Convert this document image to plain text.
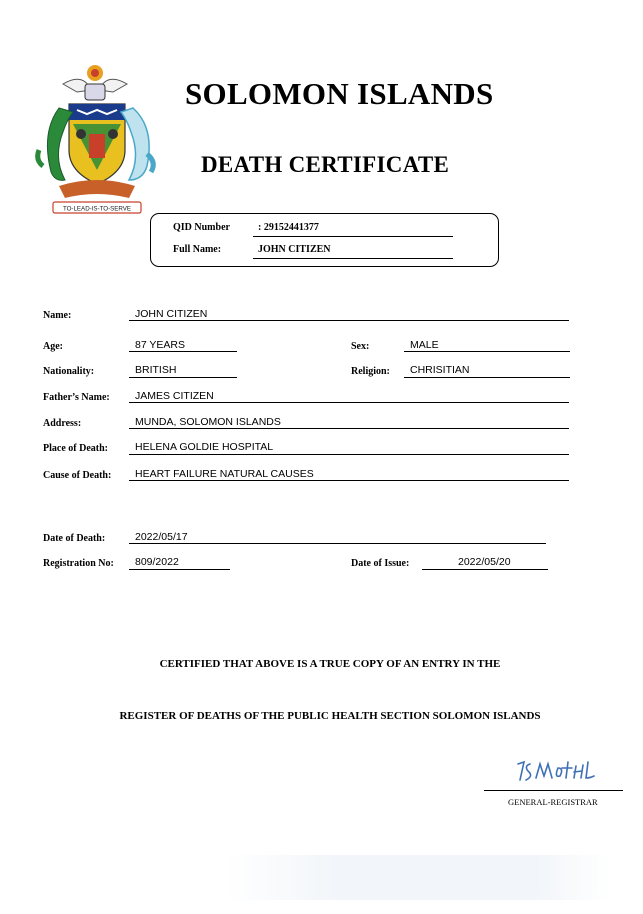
TO-LEAD-IS-TO-SERVE
SOLOMON ISLANDS
DEATH CERTIFICATE
QID Number	: 29152441377
Full Name:	JOHN CITIZEN
Name:	JOHN CITIZEN
Age:	87 YEARS	Sex:	MALE
Nationality:	BRITISH	Religion: CHRISITIAN
Father’s Name: JAMES CITIZEN
Address:	MUNDA, SOLOMON ISLANDS
Place of Death:	HELENA GOLDIE HOSPITAL
Cause of Death: HEART FAILURE NATURAL CAUSES
Date of Death:	2022/05/17
Registration No: 809/2022	Date of Issue:	2022/05/20
CERTIFIED THAT ABOVE IS A TRUE COPY OF AN ENTRY IN THE
REGISTER OF DEATHS OF THE PUBLIC HEALTH SECTION SOLOMON ISLANDS
GENERAL-REGISTRAR
